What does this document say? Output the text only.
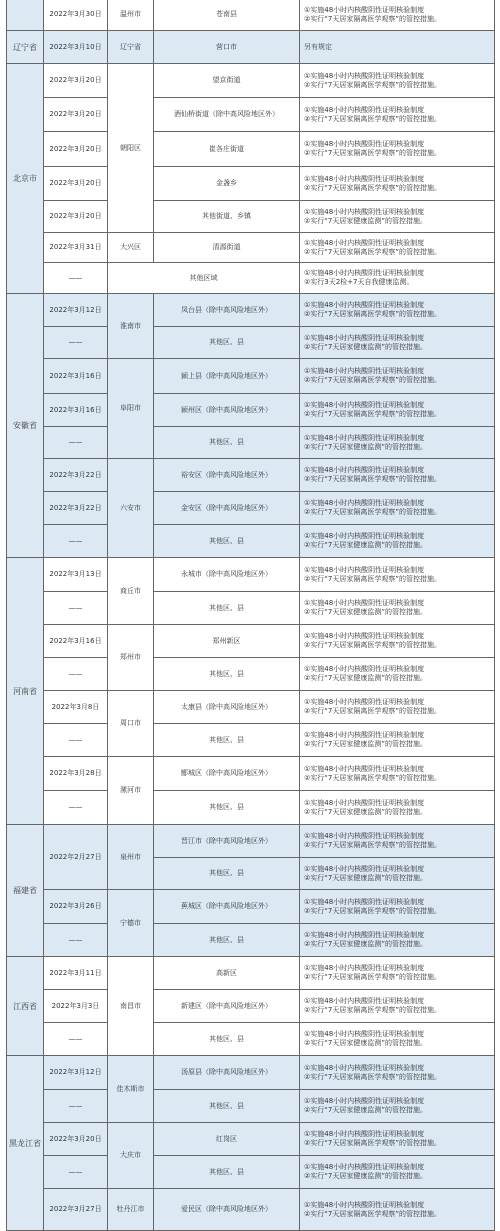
辽宁省
北京市
安徽省
河南省
福建省
江西省
黑龙江省
2022年3月30日
2022年3月10日
2022年3月20日
2022年3月20日
2022年3月20日
2022年3月20日
2022年3月20日
2022年3月31日
2022年3月12日
——
2022年3月16日
2022年3月16日
——
2022年3月22日
2022年3月22日
——
2022年3月13日
——
2022年3月16日
——
2022年3月8日
——
2022年3月28日
——
2022年2月27日
2022年3月26日
——
2022年3月11日
2022年3月3日
——
2022年3月12日
——
2022年3月20日
——
2022年3月27日
温州市
辽宁省
朝阳区
大兴区
淮南市
阜阳市
六安市
商丘市
郑州市
周口市
漯河市
泉州市
宁德市
南昌市
佳木斯市
大庆市
牡丹江市
苍南县
营口市
望京街道
酒仙桥街道（除中高风险地区外）
崔各庄街道
金盏乡
其他街道、乡镇
清源街道
——	其他区域
凤台县（除中高风险地区外）
其他区、县
颍上县（除中高风险地区外）
颍州区（除中高风险地区外）
其他区、县
裕安区（除中高风险地区外）
金安区（除中高风险地区外）
其他区、县
永城市（除中高风险地区外）
其他区、县
郑州新区
其他区、县
太康县（除中高风险地区外）
其他区、县
郾城区（除中高风险地区外）
其他区、县
晋江市（除中高风险地区外）
其他区、县
蕉城区（除中高风险地区外）
其他区、县
高新区
新建区（除中高风险地区外）
其他区、县
汤原县（除中高风险地区外）
其他区、县
红岗区
其他区、县
爱民区（除中高风险地区外）
①实施48小时内核酸阴性证明核验制度
②实行“7天居家隔离医学观察”的管控措施。
另有规定
①实施48小时内核酸阴性证明核验制度
②实行“7天居家隔离医学观察”的管控措施。
①实施48小时内核酸阴性证明核验制度
②实行“7天居家隔离医学观察”的管控措施。
①实施48小时内核酸阴性证明核验制度
②实行“7天居家隔离医学观察”的管控措施。
①实施48小时内核酸阴性证明核验制度
②实行“7天居家隔离医学观察”的管控措施。
①实施48小时内核酸阴性证明核验制度
②实行“7天居家健康监测”的管控措施。
①实施48小时内核酸阴性证明核验制度
②实行“7天居家隔离医学观察”的管控措施。
①实施48小时内核酸阴性证明核验制度
②实行3天2检+7天自我健康监测。
①实施48小时内核酸阴性证明核验制度
②实行“7天居家隔离医学观察”的管控措施。
①实施48小时内核酸阴性证明核验制度
②实行“7天居家健康监测”的管控措施。
①实施48小时内核酸阴性证明核验制度
②实行“7天居家隔离医学观察”的管控措施。
①实施48小时内核酸阴性证明核验制度
②实行“7天居家隔离医学观察”的管控措施。
①实施48小时内核酸阴性证明核验制度
②实行“7天居家健康监测”的管控措施。
①实施48小时内核酸阴性证明核验制度
②实行“7天居家隔离医学观察”的管控措施。
①实施48小时内核酸阴性证明核验制度
②实行“7天居家隔离医学观察”的管控措施。
①实施48小时内核酸阴性证明核验制度
②实行“7天居家健康监测”的管控措施。
①实施48小时内核酸阴性证明核验制度
②实行“7天居家隔离医学观察”的管控措施。
①实施48小时内核酸阴性证明核验制度
②实行“7天居家健康监测”的管控措施。
①实施48小时内核酸阴性证明核验制度
②实行“7天居家隔离医学观察”的管控措施。
①实施48小时内核酸阴性证明核验制度
②实行“7天居家健康监测”的管控措施。
①实施48小时内核酸阴性证明核验制度
②实行“7天居家隔离医学观察”的管控措施。
①实施48小时内核酸阴性证明核验制度
②实行“7天居家健康监测”的管控措施。
①实施48小时内核酸阴性证明核验制度
②实行“7天居家隔离医学观察”的管控措施。
①实施48小时内核酸阴性证明核验制度
②实行“7天居家健康监测”的管控措施。
①实施48小时内核酸阴性证明核验制度
②实行“7天居家隔离医学观察”的管控措施。
①实施48小时内核酸阴性证明核验制度
②实行“7天居家健康监测”的管控措施。
①实施48小时内核酸阴性证明核验制度
②实行“7天居家隔离医学观察”的管控措施。
①实施48小时内核酸阴性证明核验制度
②实行“7天居家健康监测”的管控措施。
①实施48小时内核酸阴性证明核验制度
②实行“7天居家隔离医学观察”的管控措施。
①实施48小时内核酸阴性证明核验制度
②实行“7天居家隔离医学观察”的管控措施。
①实施48小时内核酸阴性证明核验制度
②实行“7天居家健康监测”的管控措施。
①实施48小时内核酸阴性证明核验制度
②实行“7天居家隔离医学观察”的管控措施。
①实施48小时内核酸阴性证明核验制度
②实行“7天居家健康监测”的管控措施。
①实施48小时内核酸阴性证明核验制度
②实行“7天居家隔离医学观察”的管控措施。
①实施48小时内核酸阴性证明核验制度
②实行“7天居家健康监测”的管控措施。
①实施48小时内核酸阴性证明核验制度
②实行“7天居家隔离医学观察”的管控措施。
